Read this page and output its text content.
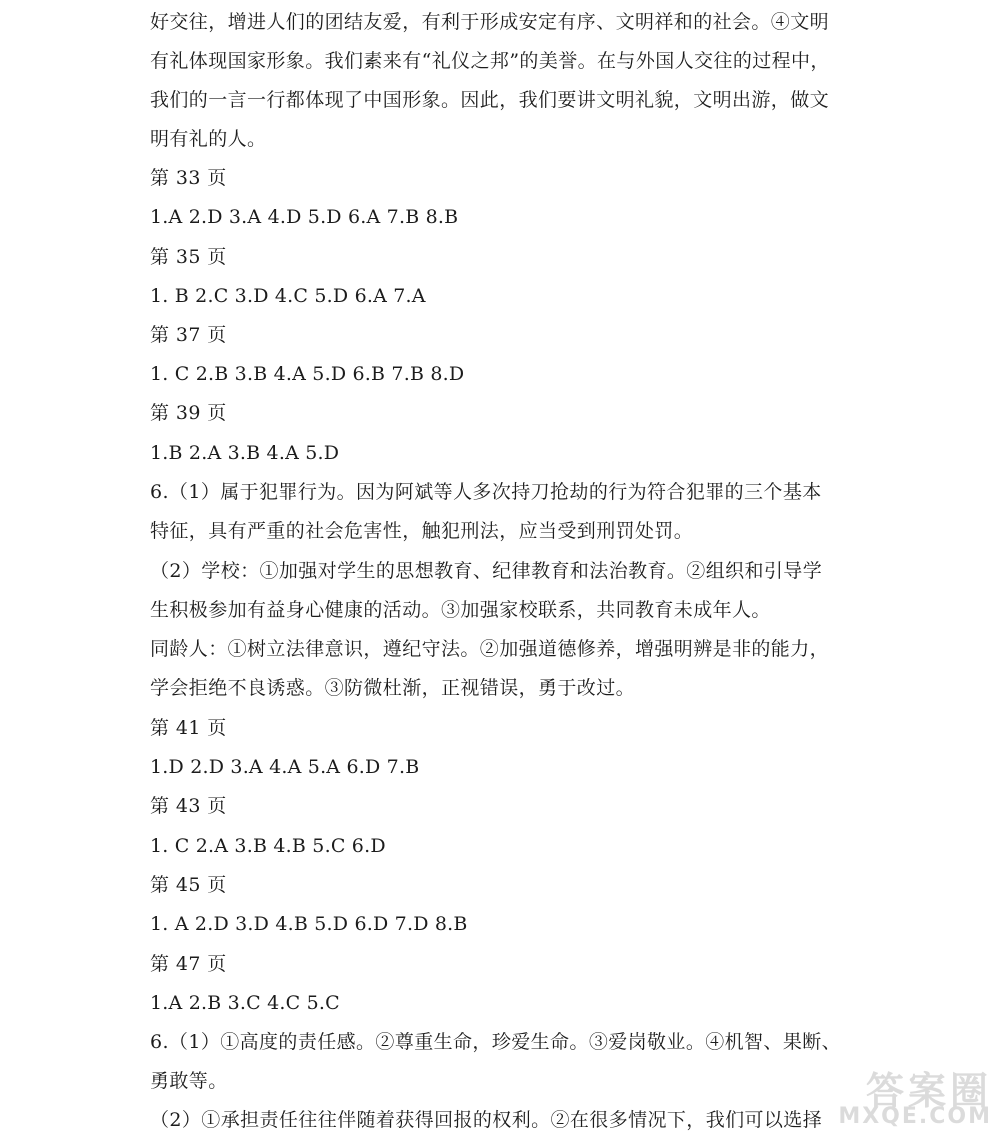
好交往，增进人们的团结友爱，有利于形成安定有序、文明祥和的社会。④文明
有礼体现国家形象。我们素来有“礼仪之邦”的美誉。在与外国人交往的过程中，
我们的一言一行都体现了中国形象。因此，我们要讲文明礼貌，文明出游，做文
明有礼的人。
第 33 页
1.A 2.D 3.A 4.D 5.D 6.A 7.B 8.B
第 35 页
1. B 2.C 3.D 4.C 5.D 6.A 7.A
第 37 页
1. C 2.B 3.B 4.A 5.D 6.B 7.B 8.D
第 39 页
1.B 2.A 3.B 4.A 5.D
6.（1）属于犯罪行为。因为阿斌等人多次持刀抢劫的行为符合犯罪的三个基本
特征，具有严重的社会危害性，触犯刑法，应当受到刑罚处罚。
（2）学校：①加强对学生的思想教育、纪律教育和法治教育。②组织和引导学
生积极参加有益身心健康的活动。③加强家校联系，共同教育未成年人。
同龄人：①树立法律意识，遵纪守法。②加强道德修养，增强明辨是非的能力，
学会拒绝不良诱惑。③防微杜渐，正视错误，勇于改过。
第 41 页
1.D 2.D 3.A 4.A 5.A 6.D 7.B
第 43 页
1. C 2.A 3.B 4.B 5.C 6.D
第 45 页
1. A 2.D 3.D 4.B 5.D 6.D 7.D 8.B
第 47 页
1.A 2.B 3.C 4.C 5.C
6.（1）①高度的责任感。②尊重生命，珍爱生命。③爱岗敬业。④机智、果断、
勇敢等。
（2）①承担责任往往伴随着获得回报的权利。②在很多情况下，我们可以选择
答案圈
MXQE.COM
